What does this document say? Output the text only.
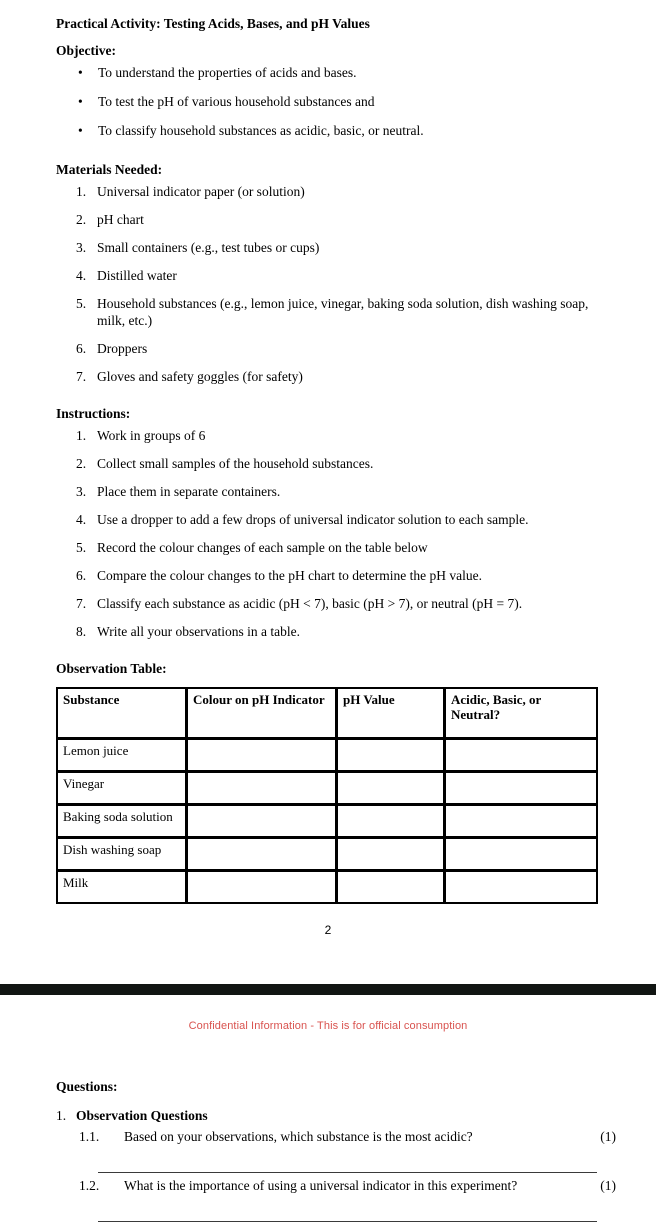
Practical Activity: Testing Acids, Bases, and pH Values
Objective:
• To understand the properties of acids and bases.
• To test the pH of various household substances and
• To classify household substances as acidic, basic, or neutral.
Materials Needed:
1. Universal indicator paper (or solution)
2. pH chart
3. Small containers (e.g., test tubes or cups)
4. Distilled water
5. Household substances (e.g., lemon juice, vinegar, baking soda solution, dish washing soap, milk, etc.)
6. Droppers
7. Gloves and safety goggles (for safety)
Instructions:
1. Work in groups of 6
2. Collect small samples of the household substances.
3. Place them in separate containers.
4. Use a dropper to add a few drops of universal indicator solution to each sample.
5. Record the colour changes of each sample on the table below
6. Compare the colour changes to the pH chart to determine the pH value.
7. Classify each substance as acidic (pH < 7), basic (pH > 7), or neutral (pH = 7).
8. Write all your observations in a table.
Observation Table:
Substance	Colour on pH Indicator	pH Value	Acidic, Basic, or Neutral?
Lemon juice			
Vinegar			
Baking soda solution			
Dish washing soap			
Milk			
2
Confidential Information - This is for official consumption
Questions:
1. Observation Questions
1.1. Based on your observations, which substance is the most acidic?	(1)
1.2. What is the importance of using a universal indicator in this experiment?	(1)
